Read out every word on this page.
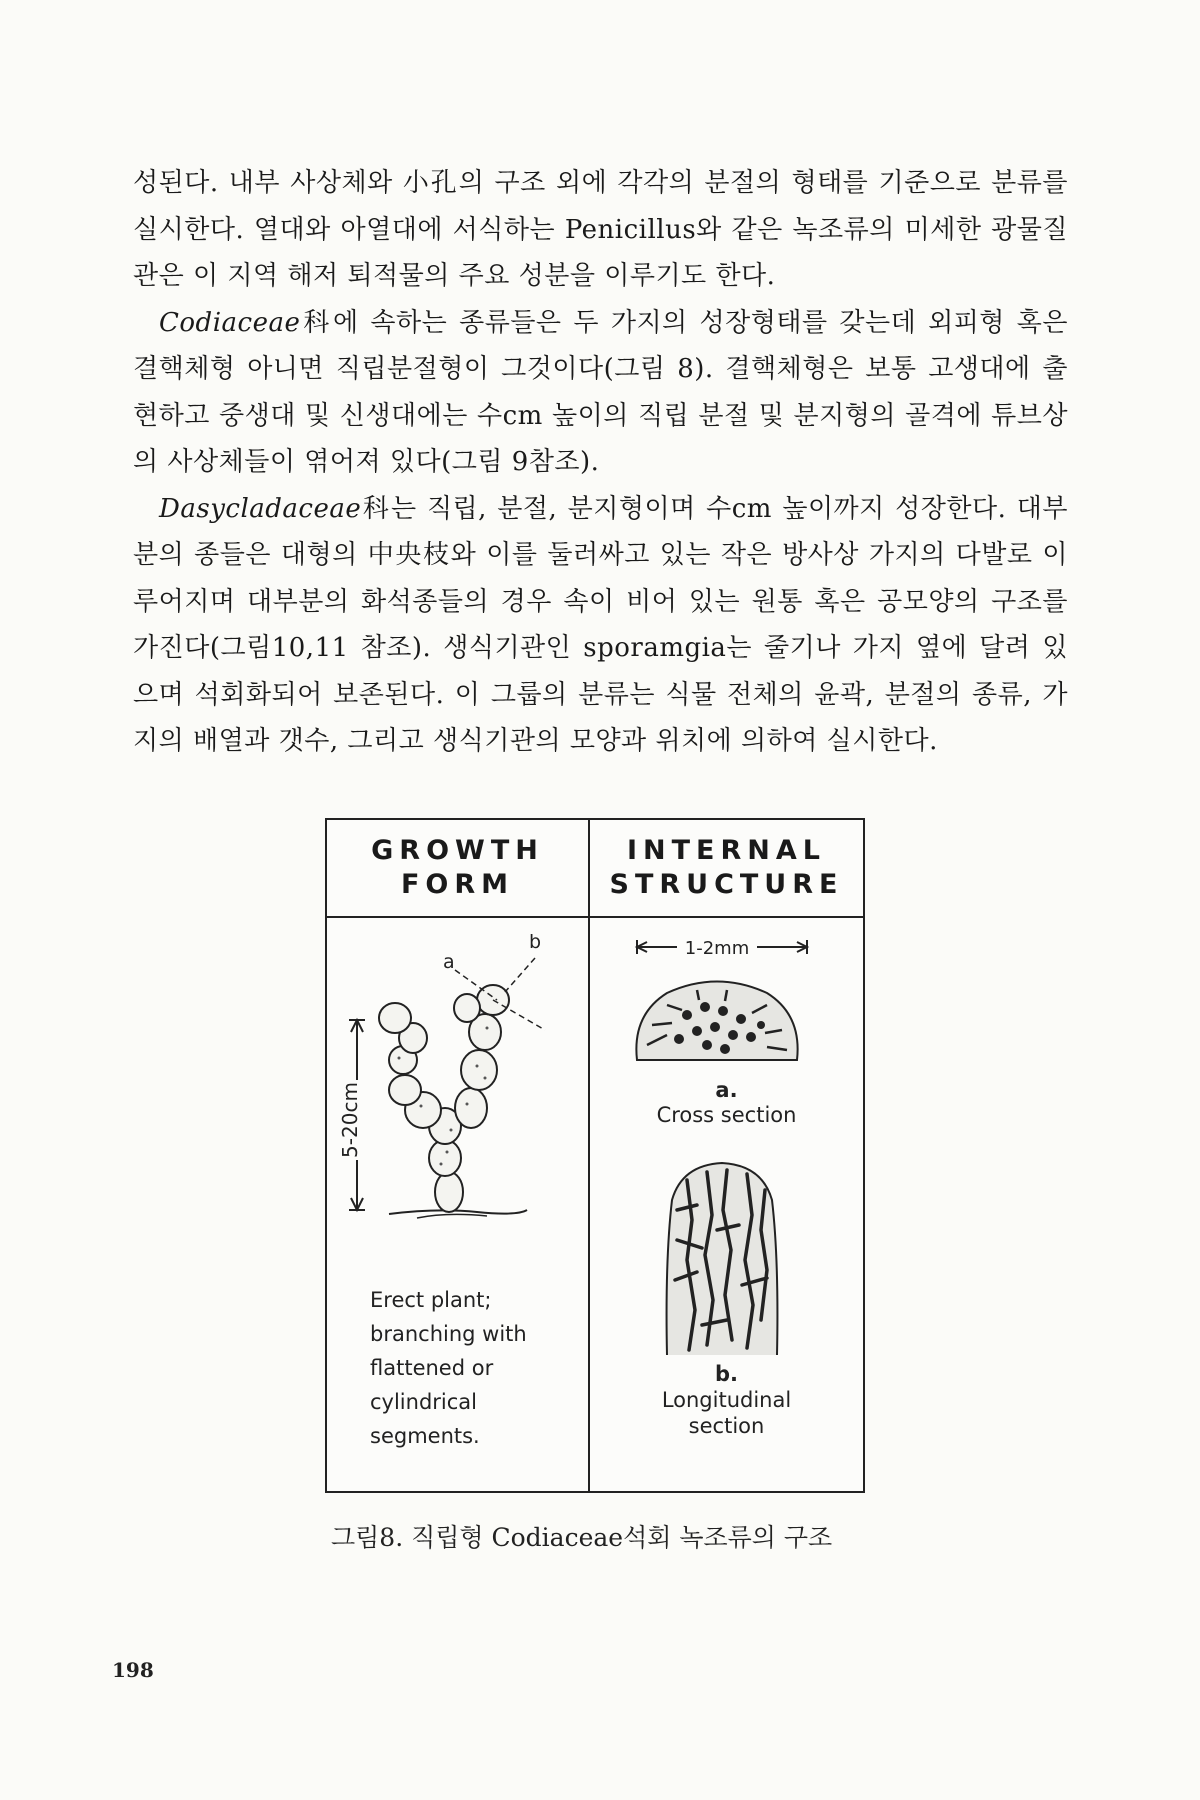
성된다. 내부 사상체와 小孔의 구조 외에 각각의 분절의 형태를 기준으로 분류를 실시한다. 열대와 아열대에 서식하는 Penicillus와 같은 녹조류의 미세한 광물질 관은 이 지역 해저 퇴적물의 주요 성분을 이루기도 한다.

Codiaceae科에 속하는 종류들은 두 가지의 성장형태를 갖는데 외피형 혹은 결핵체형 아니면 직립분절형이 그것이다(그림 8). 결핵체형은 보통 고생대에 출현하고 중생대 및 신생대에는 수cm 높이의 직립 분절 및 분지형의 골격에 튜브상의 사상체들이 엮어져 있다(그림 9참조).

Dasycladaceae科는 직립, 분절, 분지형이며 수cm 높이까지 성장한다. 대부분의 종들은 대형의 中央枝와 이를 둘러싸고 있는 작은 방사상 가지의 다발로 이루어지며 대부분의 화석종들의 경우 속이 비어 있는 원통 혹은 공모양의 구조를 가진다(그림10,11 참조). 생식기관인 sporamgia는 줄기나 가지 옆에 달려 있으며 석회화되어 보존된다. 이 그룹의 분류는 식물 전체의 윤곽, 분절의 종류, 가지의 배열과 갯수, 그리고 생식기관의 모양과 위치에 의하여 실시한다.

GROWTH
FORM
INTERNAL
STRUCTURE
5-20cm
a
b
Erect plant;
branching with
flattened or
cylindrical
segments.
1-2mm
a.
Cross section
b.
Longitudinal
section
그림8. 직립형 Codiaceae석회 녹조류의 구조
198
